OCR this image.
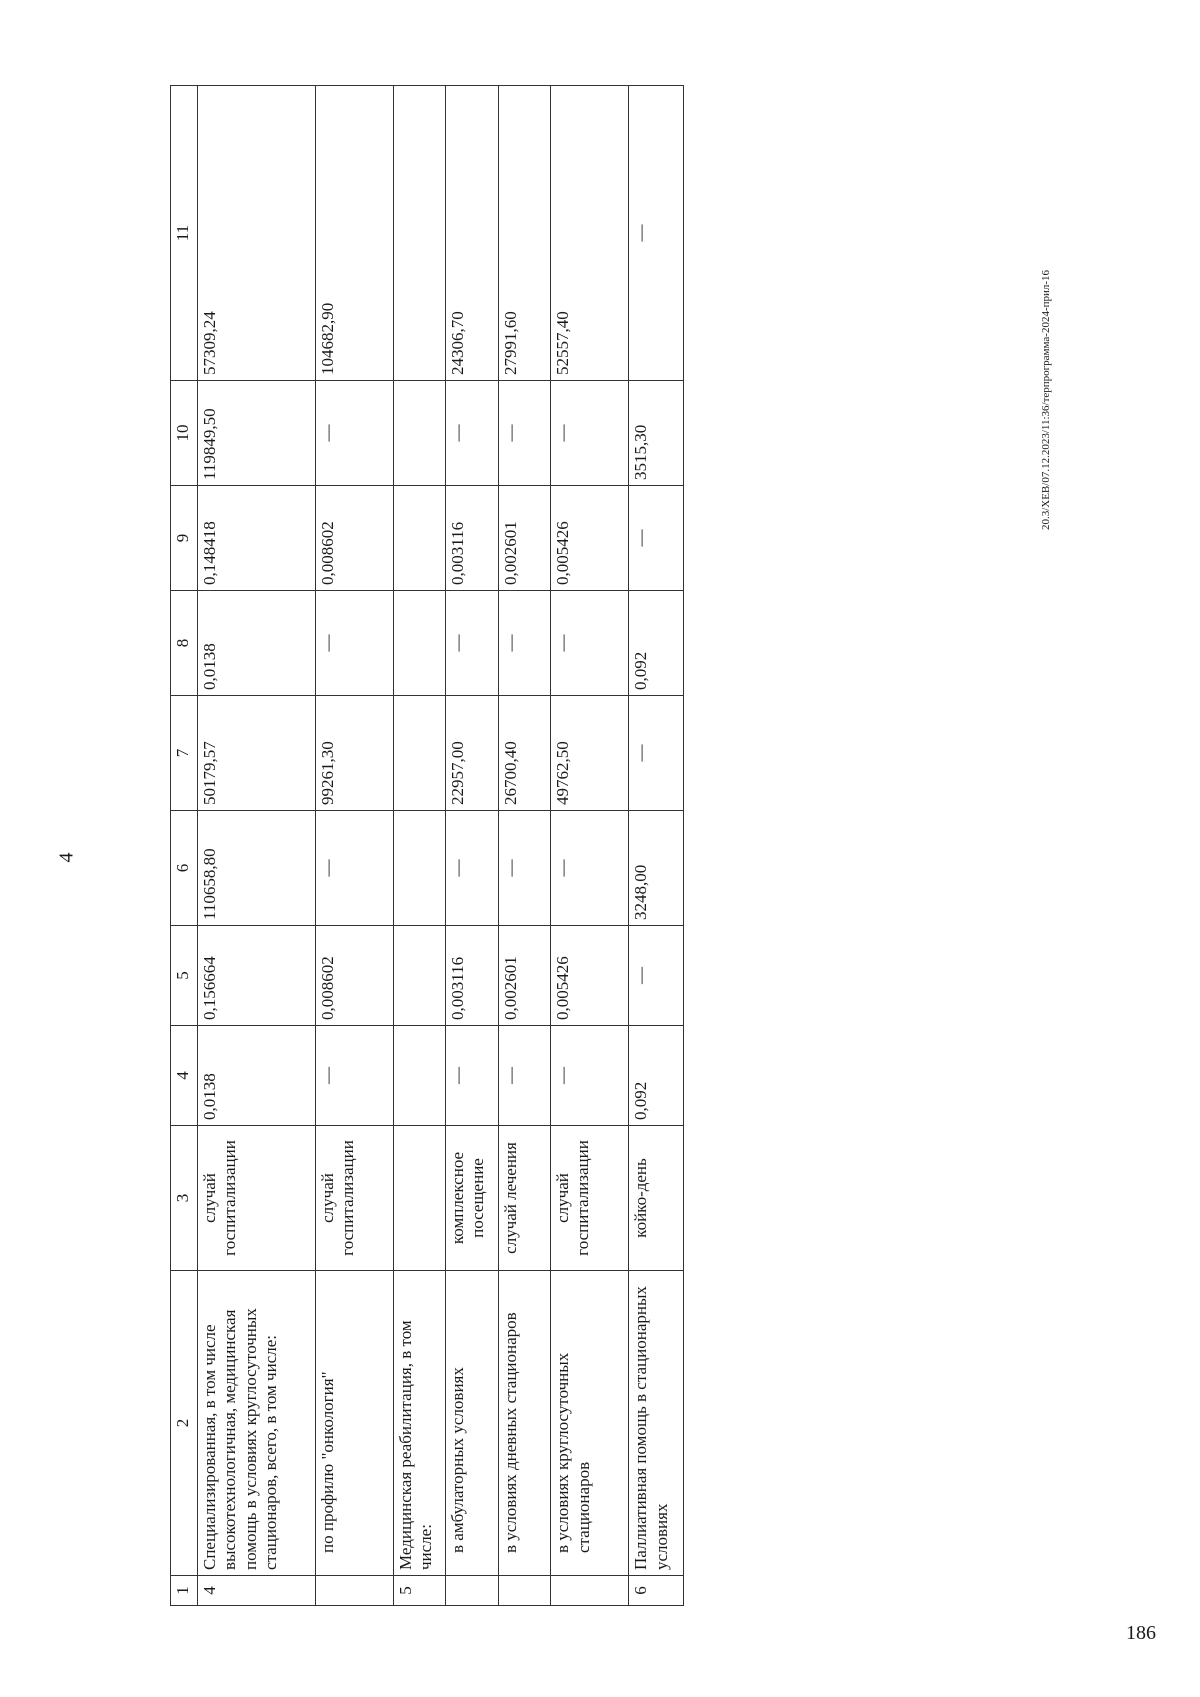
4
20.3/ХЕВ/07.12.2023/11:36/терпрограмма-2024-прил-16
186
1	2	3	4	5	6	7	8	9	10	11
4	Специализированная, в том числе высокотехнологичная, медицинская помощь в условиях круглосуточных стационаров, всего, в том числе:	случай госпитализации	0,0138	0,156664	110658,80	50179,57	0,0138	0,148418	119849,50	57309,24
	по профилю "онкология"	случай госпитализации	—	0,008602	—	99261,30	—	0,008602	—	104682,90
5	Медицинская реабилитация, в том числе:									
	в амбулаторных условиях	комплексное посещение	—	0,003116	—	22957,00	—	0,003116	—	24306,70
	в условиях дневных стационаров	случай лечения	—	0,002601	—	26700,40	—	0,002601	—	27991,60
	в условиях круглосуточных стационаров	случай госпитализации	—	0,005426	—	49762,50	—	0,005426	—	52557,40
6	Паллиативная помощь в стационарных условиях	койко-день	0,092	—	3248,00	—	0,092	—	3515,30	—
